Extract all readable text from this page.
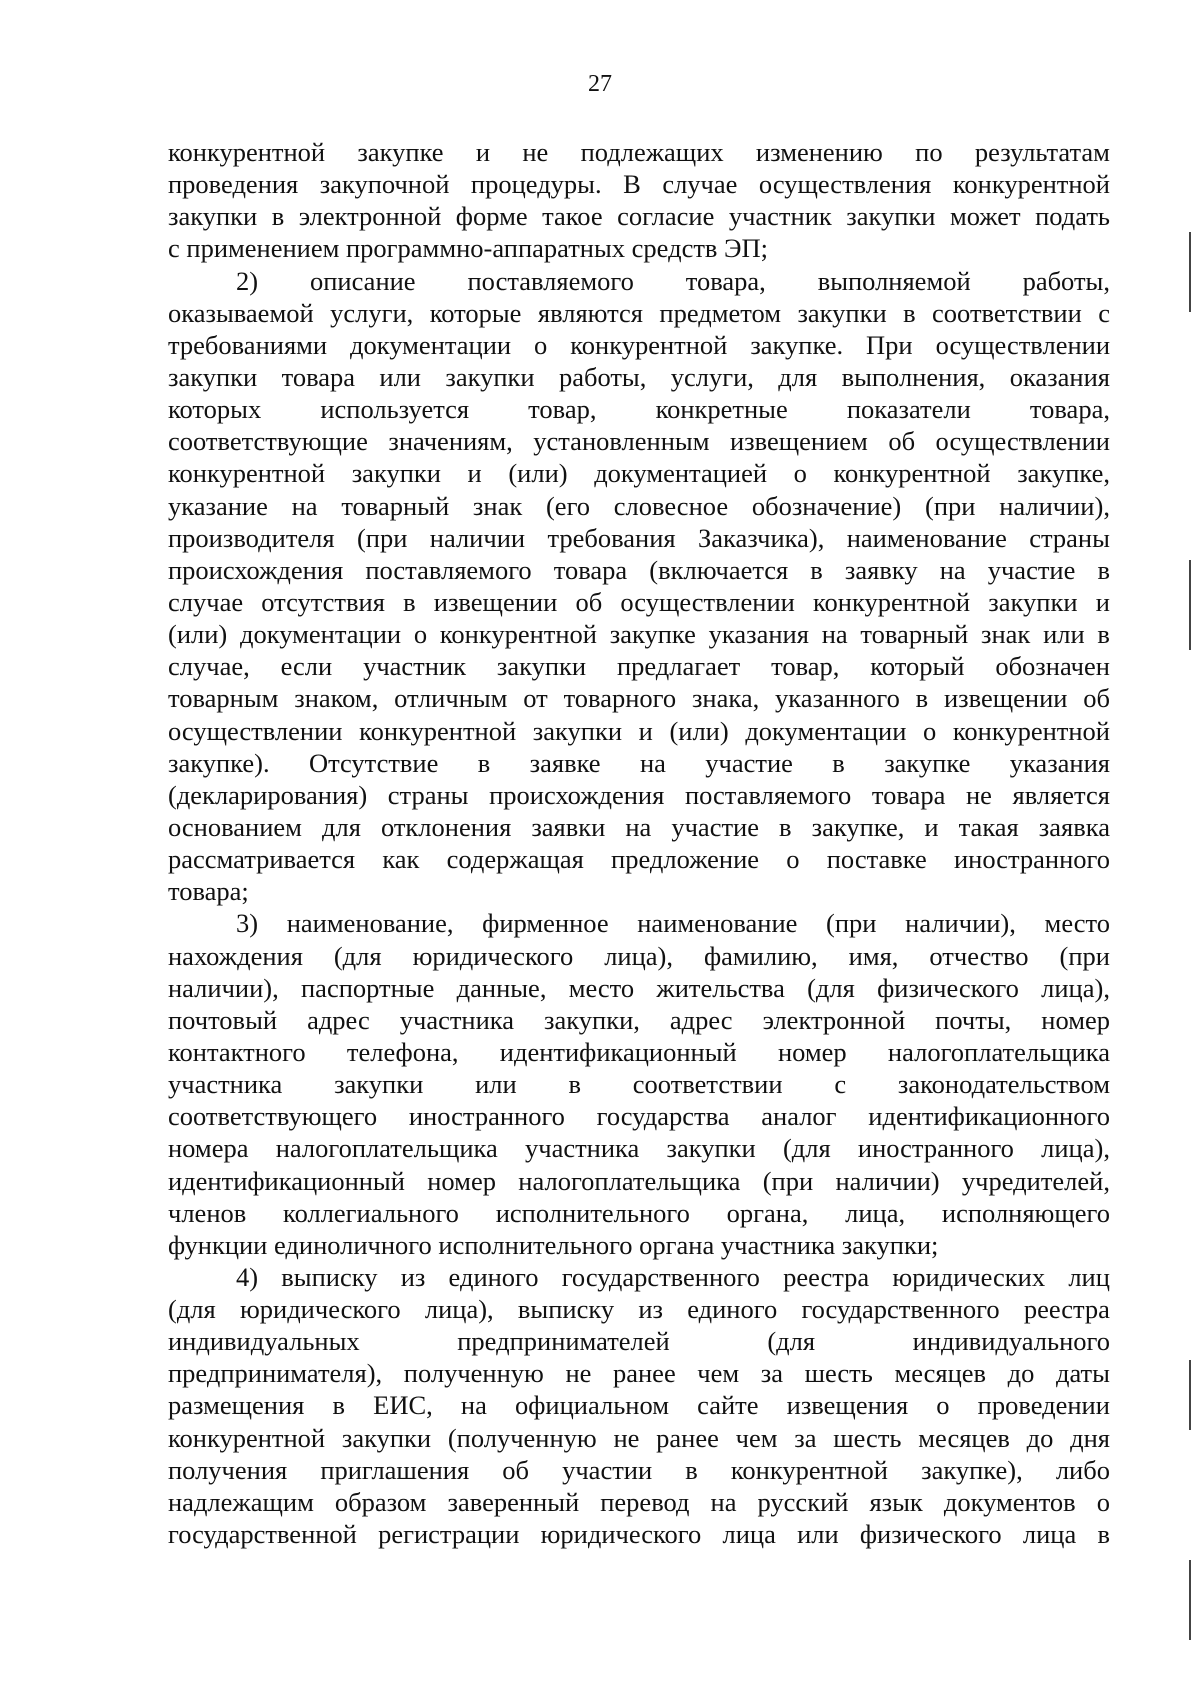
27
конкурентной закупке и не подлежащих изменению по результатам
проведения закупочной процедуры. В случае осуществления конкурентной
закупки в электронной форме такое согласие участник закупки может подать
с применением программно-аппаратных средств ЭП;
2) описание поставляемого товара, выполняемой работы,
оказываемой услуги, которые являются предметом закупки в соответствии с
требованиями документации о конкурентной закупке. При осуществлении
закупки товара или закупки работы, услуги, для выполнения, оказания
которых используется товар, конкретные показатели товара,
соответствующие значениям, установленным извещением об осуществлении
конкурентной закупки и (или) документацией о конкурентной закупке,
указание на товарный знак (его словесное обозначение) (при наличии),
производителя (при наличии требования Заказчика), наименование страны
происхождения поставляемого товара (включается в заявку на участие в
случае отсутствия в извещении об осуществлении конкурентной закупки и
(или) документации о конкурентной закупке указания на товарный знак или в
случае, если участник закупки предлагает товар, который обозначен
товарным знаком, отличным от товарного знака, указанного в извещении об
осуществлении конкурентной закупки и (или) документации о конкурентной
закупке). Отсутствие в заявке на участие в закупке указания
(декларирования) страны происхождения поставляемого товара не является
основанием для отклонения заявки на участие в закупке, и такая заявка
рассматривается как содержащая предложение о поставке иностранного
товара;
3) наименование, фирменное наименование (при наличии), место
нахождения (для юридического лица), фамилию, имя, отчество (при
наличии), паспортные данные, место жительства (для физического лица),
почтовый адрес участника закупки, адрес электронной почты, номер
контактного телефона, идентификационный номер налогоплательщика
участника закупки или в соответствии с законодательством
соответствующего иностранного государства аналог идентификационного
номера налогоплательщика участника закупки (для иностранного лица),
идентификационный номер налогоплательщика (при наличии) учредителей,
членов коллегиального исполнительного органа, лица, исполняющего
функции единоличного исполнительного органа участника закупки;
4) выписку из единого государственного реестра юридических лиц
(для юридического лица), выписку из единого государственного реестра
индивидуальных	предпринимателей	(для	индивидуального
предпринимателя), полученную не ранее чем за шесть месяцев до даты
размещения в ЕИС, на официальном сайте извещения о проведении
конкурентной закупки (полученную не ранее чем за шесть месяцев до дня
получения приглашения об участии в конкурентной закупке), либо
надлежащим образом заверенный перевод на русский язык документов о
государственной регистрации юридического лица или физического лица в
